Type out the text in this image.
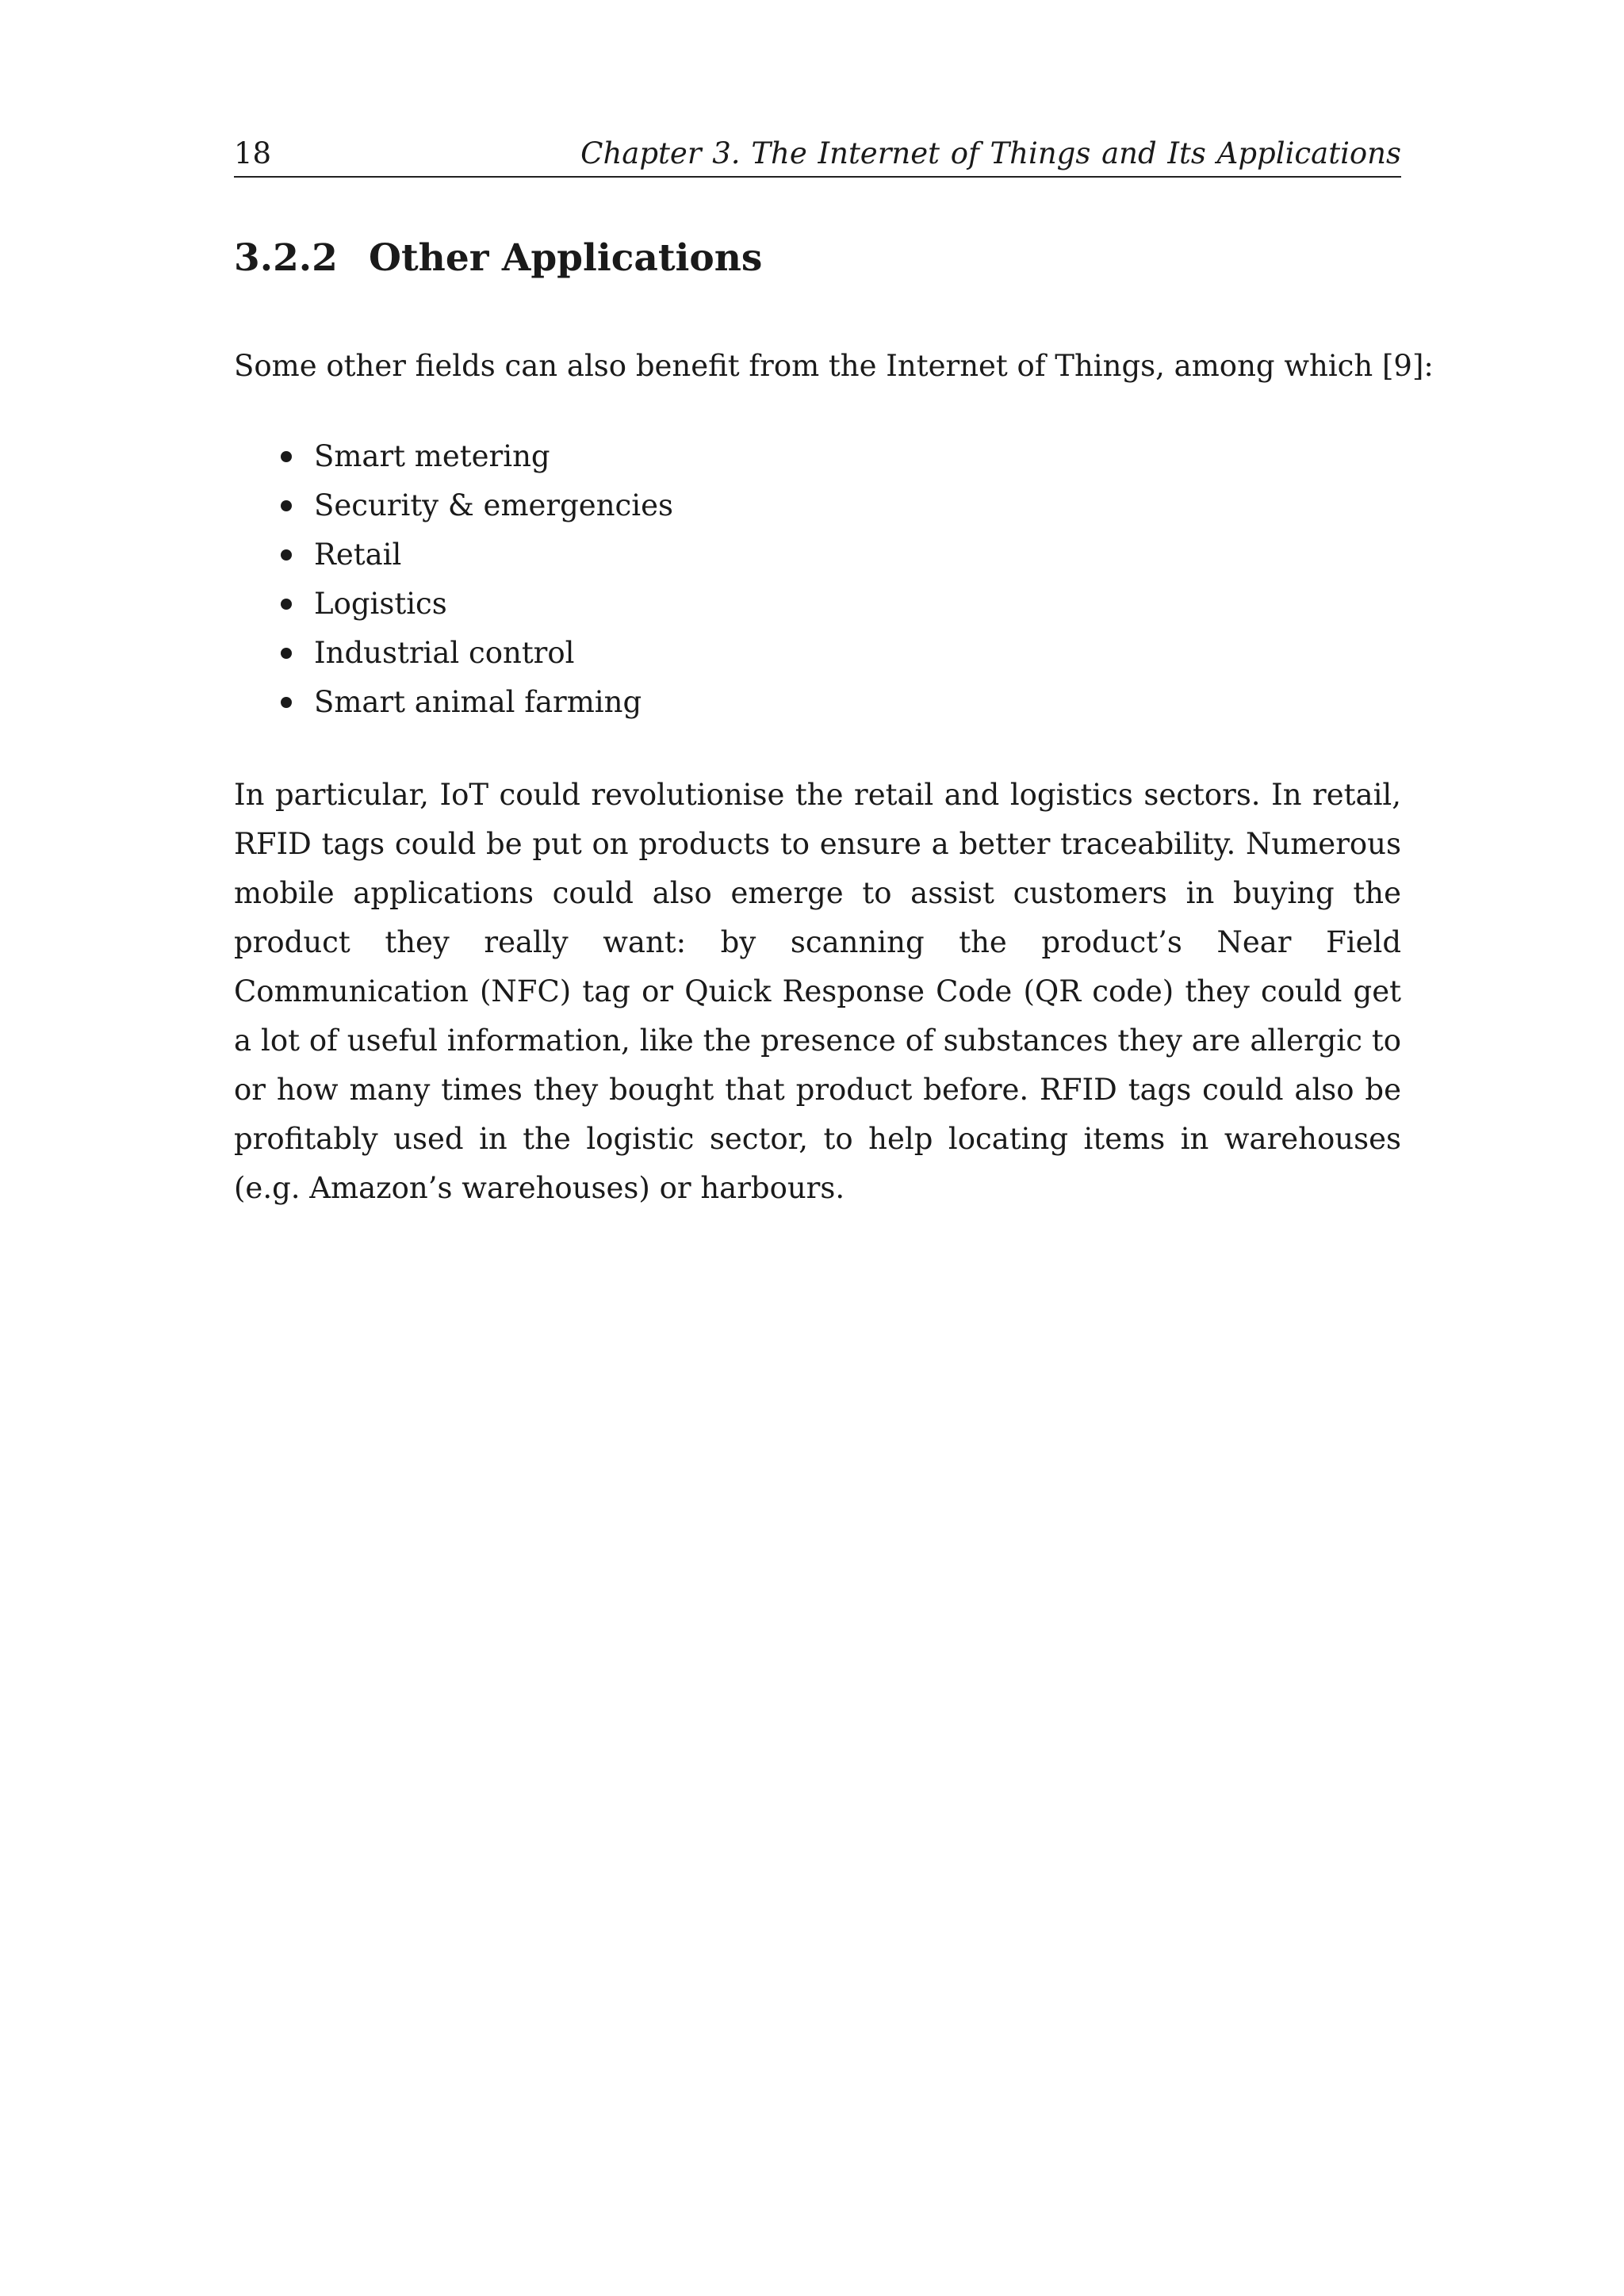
18	Chapter 3. The Internet of Things and Its Applications
3.2.2 Other Applications

Some other fields can also benefit from the Internet of Things, among which [9]:

Smart metering
Security & emergencies
Retail
Logistics
Industrial control
Smart animal farming

In particular, IoT could revolutionise the retail and logistics sectors. In retail, RFID tags could be put on products to ensure a better traceability. Numerous mobile applications could also emerge to assist customers in buying the product they really want: by scanning the product’s Near Field Communication (NFC) tag or Quick Response Code (QR code) they could get a lot of useful information, like the presence of substances they are allergic to or how many times they bought that product before. RFID tags could also be profitably used in the logistic sector, to help locating items in warehouses (e.g. Amazon’s warehouses) or harbours.
